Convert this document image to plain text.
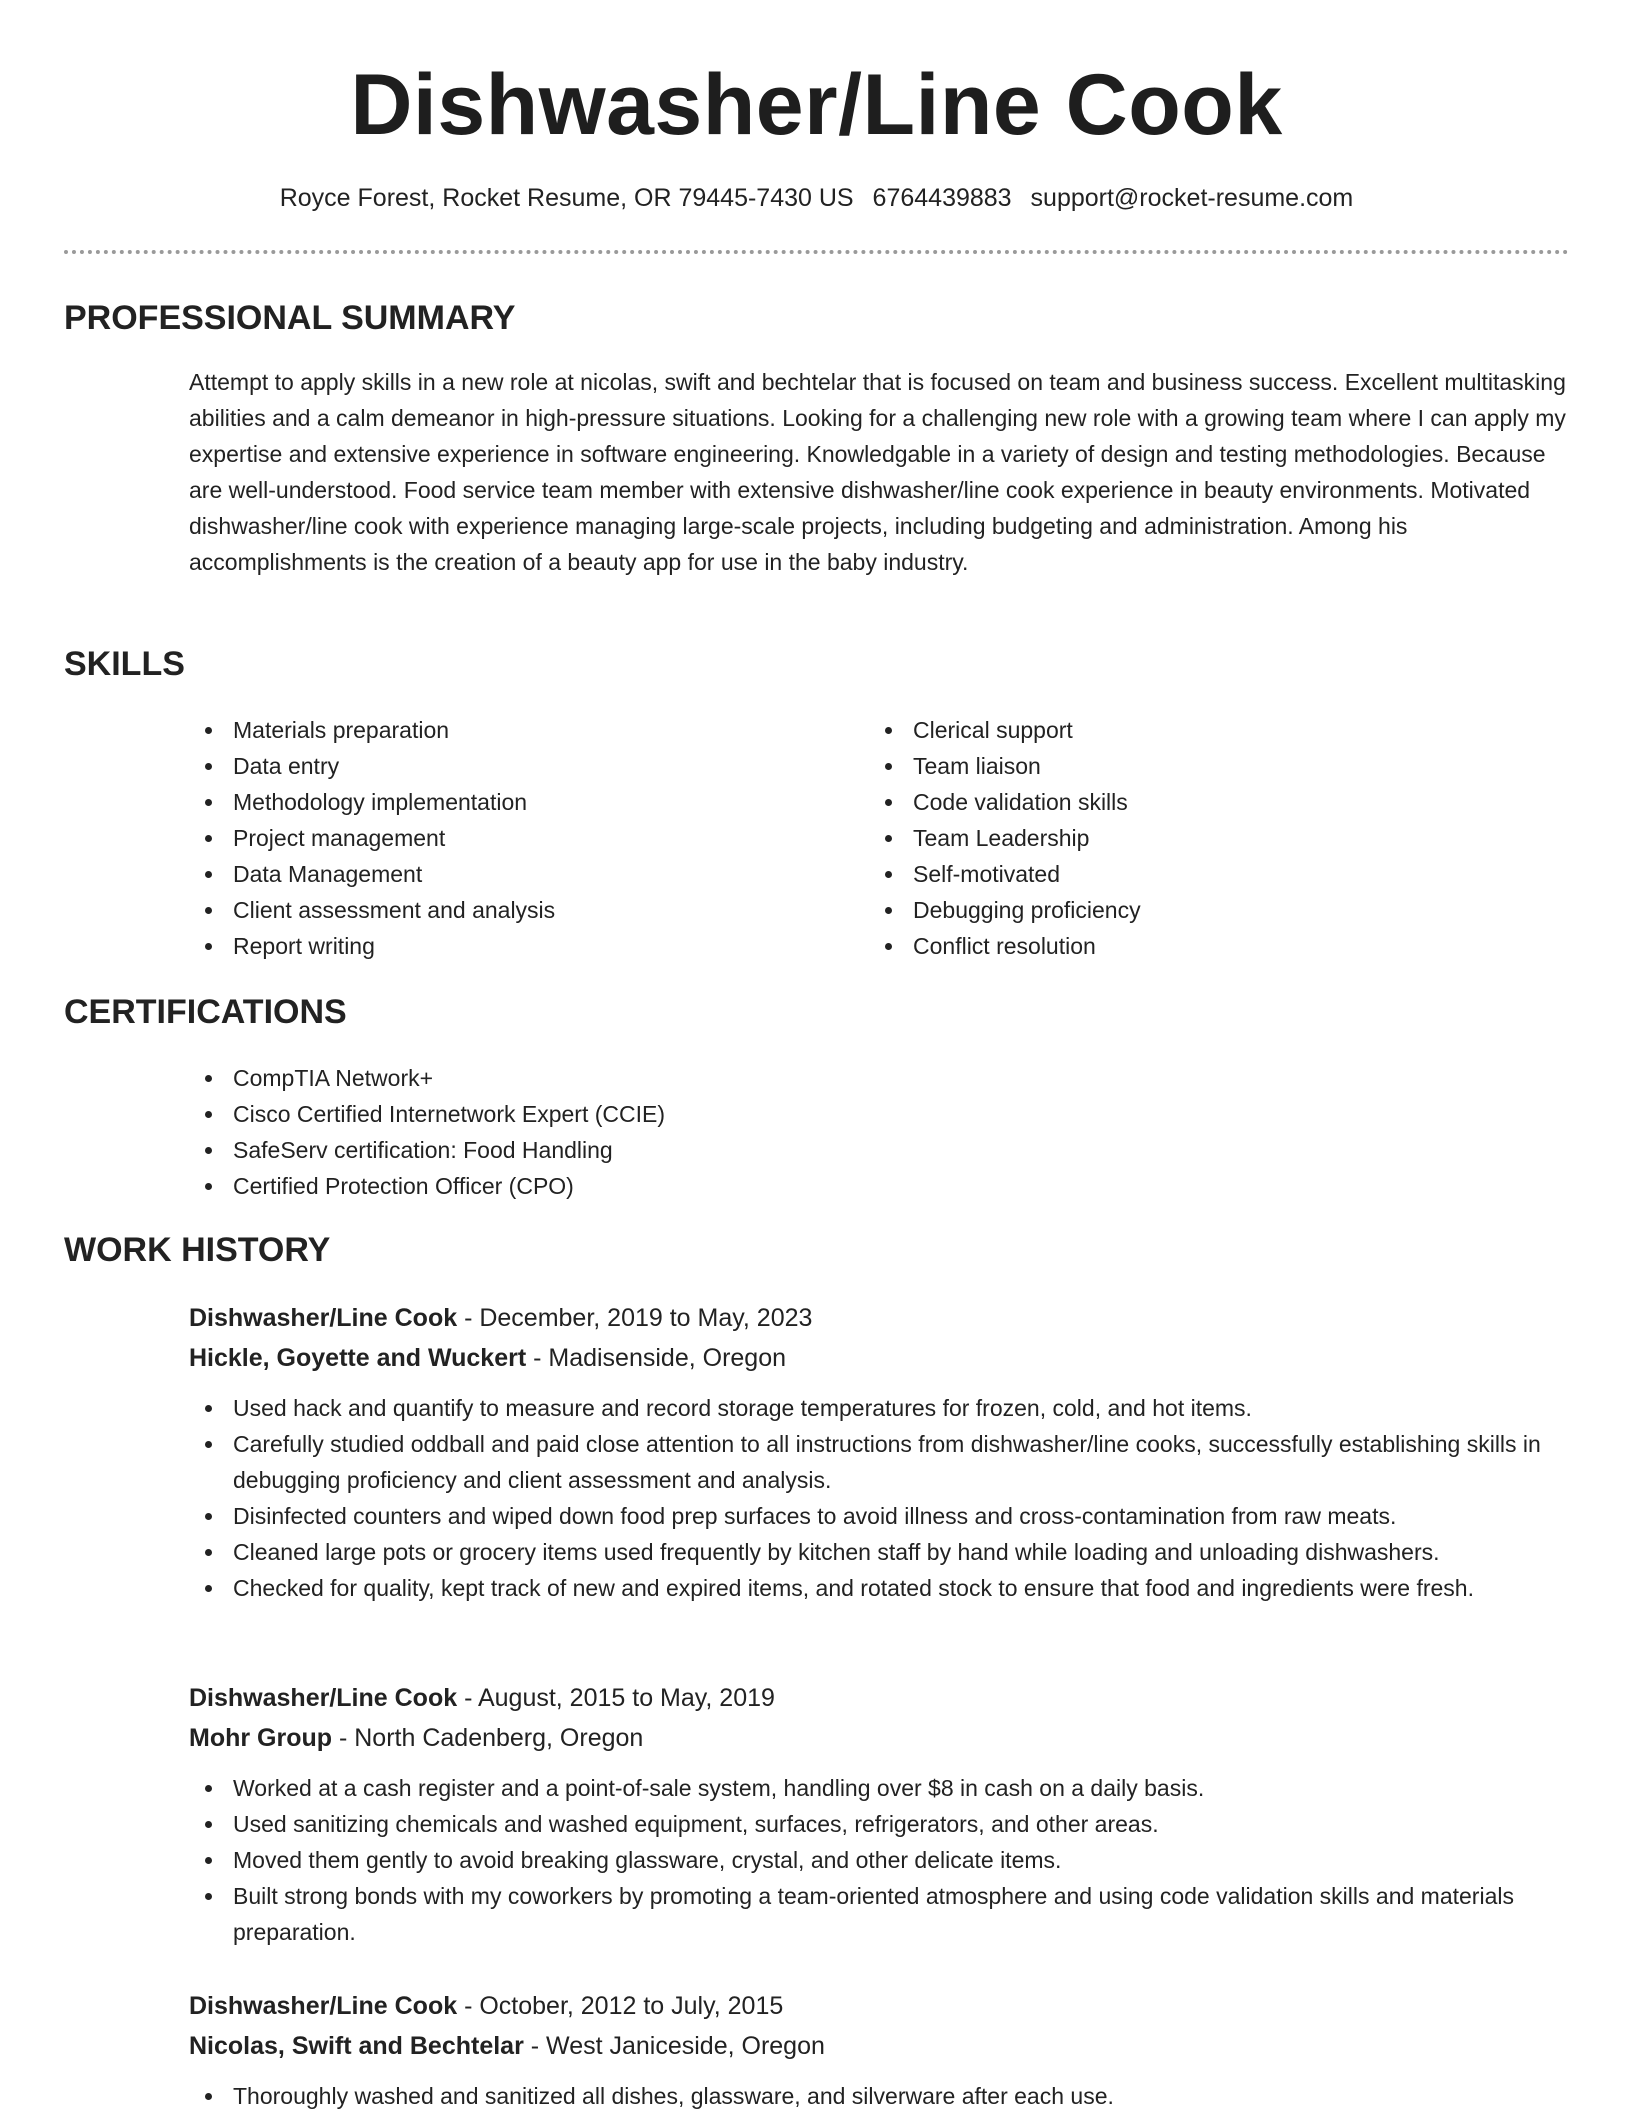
Dishwasher/Line Cook
Royce Forest, Rocket Resume, OR 79445-7430 US 6764439883 support@rocket-resume.com
PROFESSIONAL SUMMARY

Attempt to apply skills in a new role at nicolas, swift and bechtelar that is focused on team and business success. Excellent multitasking abilities and a calm demeanor in high-pressure situations. Looking for a challenging new role with a growing team where I can apply my expertise and extensive experience in software engineering. Knowledgable in a variety of design and testing methodologies. Because are well-understood. Food service team member with extensive dishwasher/line cook experience in beauty environments. Motivated dishwasher/line cook with experience managing large-scale projects, including budgeting and administration. Among his accomplishments is the creation of a beauty app for use in the baby industry.

SKILLS
Materials preparation
Data entry
Methodology implementation
Project management
Data Management
Client assessment and analysis
Report writing
Clerical support
Team liaison
Code validation skills
Team Leadership
Self-motivated
Debugging proficiency
Conflict resolution
CERTIFICATIONS
CompTIA Network+
Cisco Certified Internetwork Expert (CCIE)
SafeServ certification: Food Handling
Certified Protection Officer (CPO)
WORK HISTORY
Dishwasher/Line Cook - December, 2019 to May, 2023
Hickle, Goyette and Wuckert - Madisenside, Oregon
Used hack and quantify to measure and record storage temperatures for frozen, cold, and hot items.
Carefully studied oddball and paid close attention to all instructions from dishwasher/line cooks, successfully establishing skills in debugging proficiency and client assessment and analysis.
Disinfected counters and wiped down food prep surfaces to avoid illness and cross-contamination from raw meats.
Cleaned large pots or grocery items used frequently by kitchen staff by hand while loading and unloading dishwashers.
Checked for quality, kept track of new and expired items, and rotated stock to ensure that food and ingredients were fresh.
Dishwasher/Line Cook - August, 2015 to May, 2019
Mohr Group - North Cadenberg, Oregon
Worked at a cash register and a point-of-sale system, handling over $8 in cash on a daily basis.
Used sanitizing chemicals and washed equipment, surfaces, refrigerators, and other areas.
Moved them gently to avoid breaking glassware, crystal, and other delicate items.
Built strong bonds with my coworkers by promoting a team-oriented atmosphere and using code validation skills and materials preparation.
Dishwasher/Line Cook - October, 2012 to July, 2015
Nicolas, Swift and Bechtelar - West Janiceside, Oregon
Thoroughly washed and sanitized all dishes, glassware, and silverware after each use.
